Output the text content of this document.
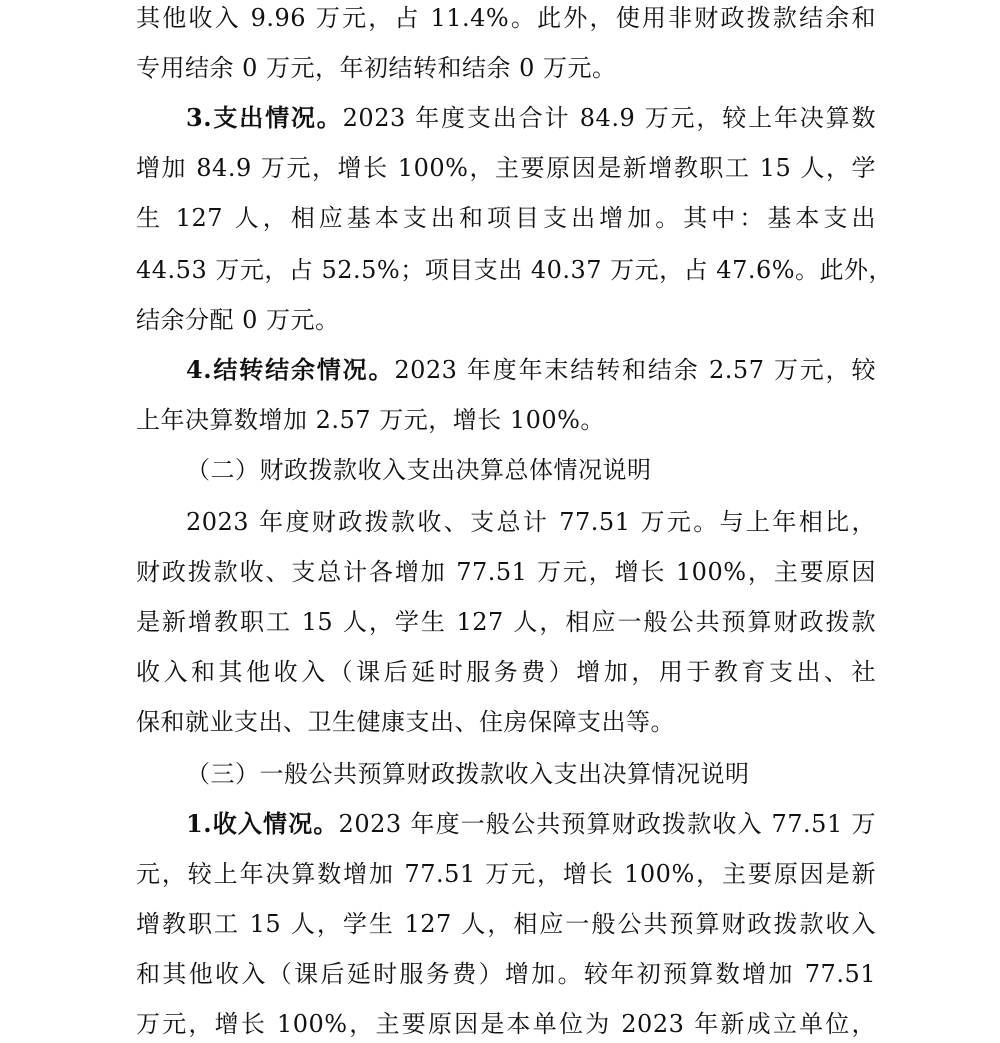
其他收入 9.96 万元，占 11.4%。此外，使用非财政拨款结余和
专用结余 0 万元，年初结转和结余 0 万元。
3.支出情况。2023 年度支出合计 84.9 万元，较上年决算数
增加 84.9 万元，增长 100%，主要原因是新增教职工 15 人，学
生 127 人，相应基本支出和项目支出增加。其中：基本支出
44.53 万元，占 52.5%；项目支出 40.37 万元，占 47.6%。此外，
结余分配 0 万元。
4.结转结余情况。2023 年度年末结转和结余 2.57 万元，较
上年决算数增加 2.57 万元，增长 100%。
（二）财政拨款收入支出决算总体情况说明
2023 年度财政拨款收、支总计 77.51 万元。与上年相比，
财政拨款收、支总计各增加 77.51 万元，增长 100%，主要原因
是新增教职工 15 人，学生 127 人，相应一般公共预算财政拨款
收入和其他收入（课后延时服务费）增加，用于教育支出、社
保和就业支出、卫生健康支出、住房保障支出等。
（三）一般公共预算财政拨款收入支出决算情况说明
1.收入情况。2023 年度一般公共预算财政拨款收入 77.51 万
元，较上年决算数增加 77.51 万元，增长 100%，主要原因是新
增教职工 15 人，学生 127 人，相应一般公共预算财政拨款收入
和其他收入（课后延时服务费）增加。较年初预算数增加 77.51
万元，增长 100%，主要原因是本单位为 2023 年新成立单位，
